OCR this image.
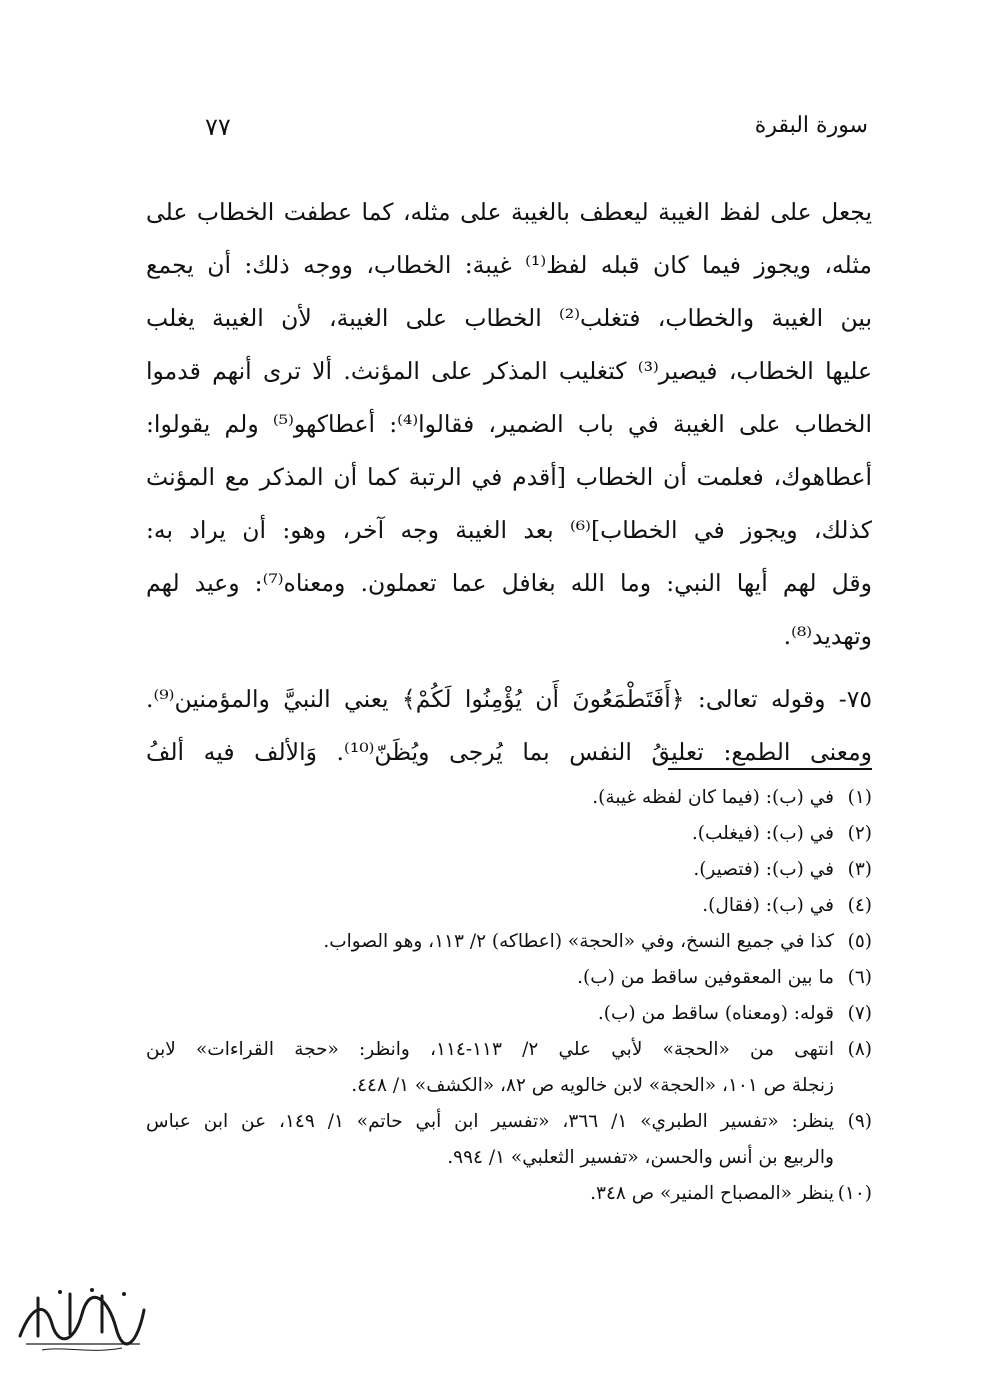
سورة البقرة
٧٧
يجعل على لفظ الغيبة ليعطف بالغيبة على مثله، كما عطفت الخطاب على
مثله، ويجوز فيما كان قبله لفظ⁽¹⁾ غيبة: الخطاب، ووجه ذلك: أن يجمع
بين الغيبة والخطاب، فتغلب⁽²⁾ الخطاب على الغيبة، لأن الغيبة يغلب
عليها الخطاب، فيصير⁽³⁾ كتغليب المذكر على المؤنث. ألا ترى أنهم قدموا
الخطاب على الغيبة في باب الضمير، فقالوا⁽⁴⁾: أعطاكهو⁽⁵⁾ ولم يقولوا:
أعطاهوك، فعلمت أن الخطاب [أقدم في الرتبة كما أن المذكر مع المؤنث
كذلك، ويجوز في الخطاب]⁽⁶⁾ بعد الغيبة وجه آخر، وهو: أن يراد به:
وقل لهم أيها النبي: وما الله بغافل عما تعملون. ومعناه⁽⁷⁾: وعيد لهم
وتهديد⁽⁸⁾.
٧٥- وقوله تعالى: ﴿أَفَتَطْمَعُونَ أَن يُؤْمِنُوا لَكُمْ﴾ يعني النبيَّ والمؤمنين⁽⁹⁾.
ومعنى الطمع: تعليقُ النفس بما يُرجى ويُظَنّ⁽¹⁰⁾. وَالألف فيه ألفُ
(١)
في (ب): (فيما كان لفظه غيبة).
(٢)
في (ب): (فيغلب).
(٣)
في (ب): (فتصير).
(٤)
في (ب): (فقال).
(٥)
كذا في جميع النسخ، وفي «الحجة» (اعطاكه) ٢/ ١١٣، وهو الصواب.
(٦)
ما بين المعقوفين ساقط من (ب).
(٧)
قوله: (ومعناه) ساقط من (ب).
(٨)
انتهى من «الحجة» لأبي علي ٢/ ١١٣-١١٤، وانظر: «حجة القراءات» لابن
زنجلة ص ١٠١، «الحجة» لابن خالويه ص ٨٢، «الكشف» ١/ ٤٤٨.
(٩)
ينظر: «تفسير الطبري» ١/ ٣٦٦، «تفسير ابن أبي حاتم» ١/ ١٤٩، عن ابن عباس
والربيع بن أنس والحسن، «تفسير الثعلبي» ١/ ٩٩٤.
(١٠)
ينظر «المصباح المنير» ص ٣٤٨.
